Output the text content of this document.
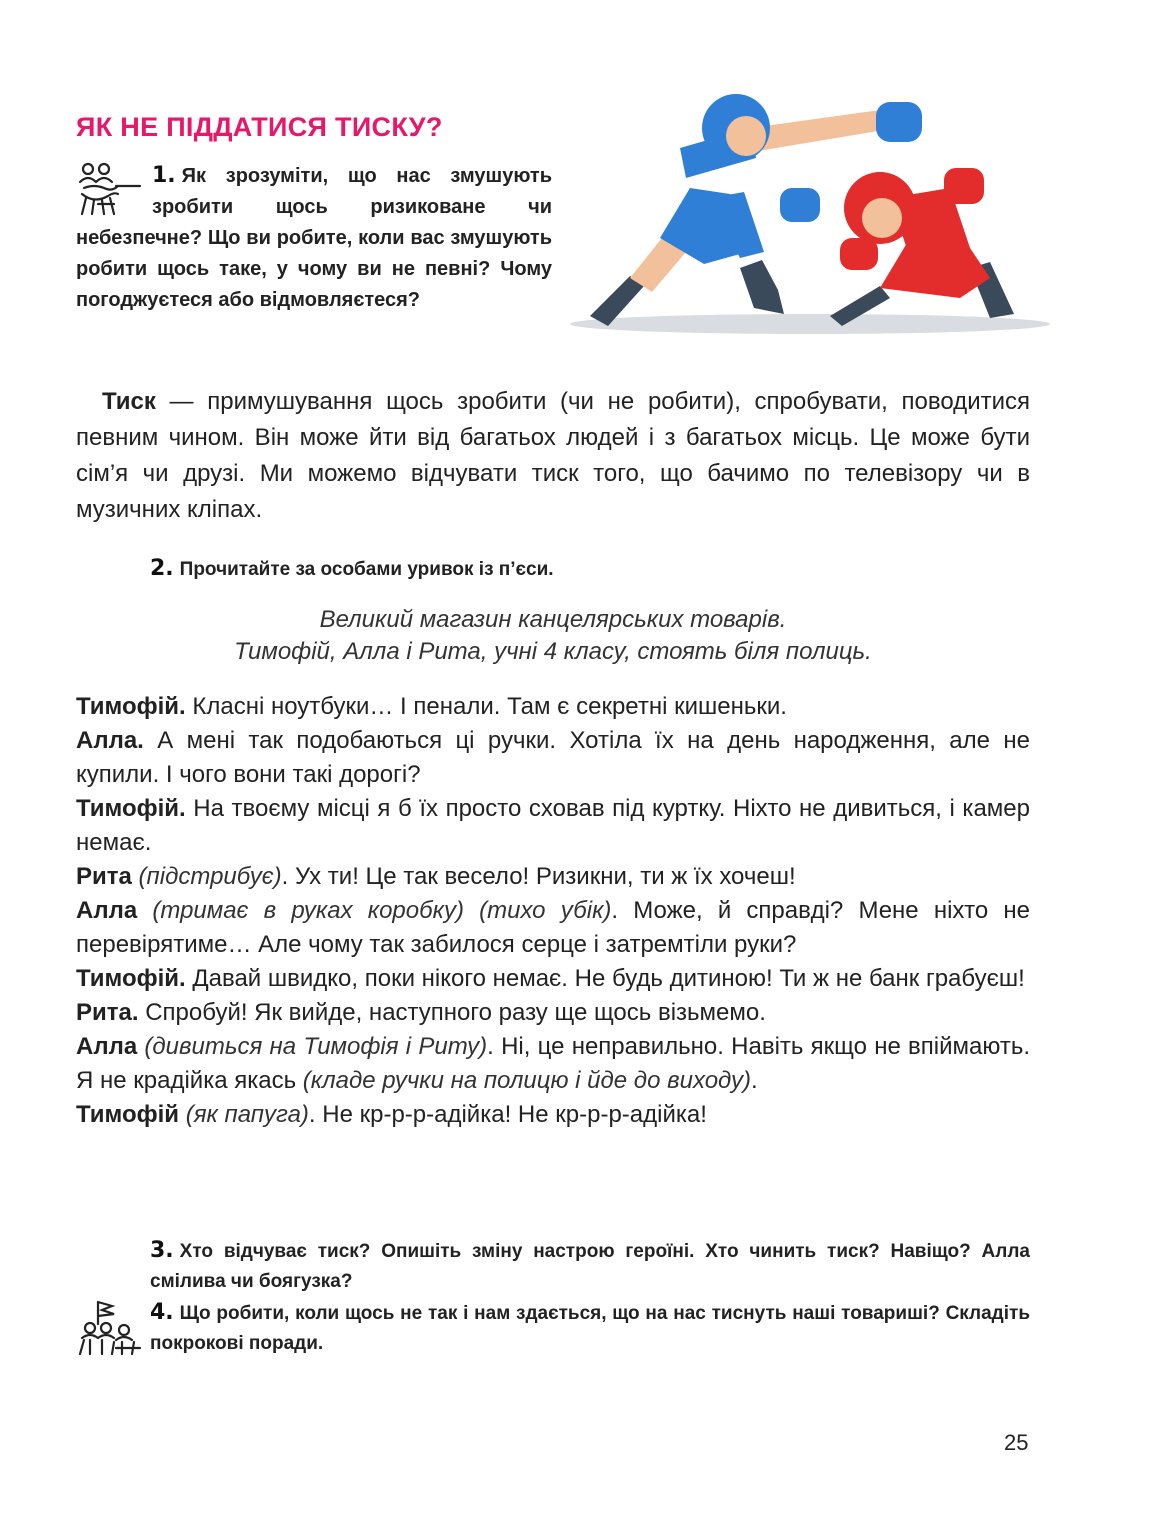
ЯК НЕ ПІДДАТИСЯ ТИСКУ?
1. Як зрозуміти, що нас змушують зробити щось ризиковане чи небезпечне? Що ви робите, коли вас змушують робити щось таке, у чому ви не певні? Чому погоджуєтеся або відмовляєтеся?
Тиск — примушування щось зробити (чи не робити), спробувати, поводитися певним чином. Він може йти від багатьох людей і з багатьох місць. Це може бути сім’я чи друзі. Ми можемо відчувати тиск того, що бачимо по телевізору чи в музичних кліпах.
2. Прочитайте за особами уривок із п’єси.
Великий магазин канцелярських товарів.
Тимофій, Алла і Рита, учні 4 класу, стоять біля полиць.

Тимофій. Класні ноутбуки… І пенали. Там є секретні кишеньки.

Алла. А мені так подобаються ці ручки. Хотіла їх на день народження, але не купили. І чого вони такі дорогі?

Тимофій. На твоєму місці я б їх просто сховав під куртку. Ніхто не дивиться, і камер немає.

Рита (підстрибує). Ух ти! Це так весело! Ризикни, ти ж їх хочеш!

Алла (тримає в руках коробку) (тихо убік). Може, й справді? Мене ніхто не перевірятиме… Але чому так забилося серце і затремтіли руки?

Тимофій. Давай швидко, поки нікого немає. Не будь дитиною! Ти ж не банк грабуєш!

Рита. Спробуй! Як вийде, наступного разу ще щось візьмемо.

Алла (дивиться на Тимофія і Риту). Ні, це неправильно. Навіть якщо не впіймають. Я не крадійка якась (кладе ручки на полицю і йде до виходу).

Тимофій (як папуга). Не кр-р-р-адійка! Не кр-р-р-адійка!

3. Хто відчуває тиск? Опишіть зміну настрою героїні. Хто чинить тиск? Навіщо? Алла смілива чи боягузка?
4. Що робити, коли щось не так і нам здається, що на нас тиснуть наші товариші? Складіть покрокові поради.
25
